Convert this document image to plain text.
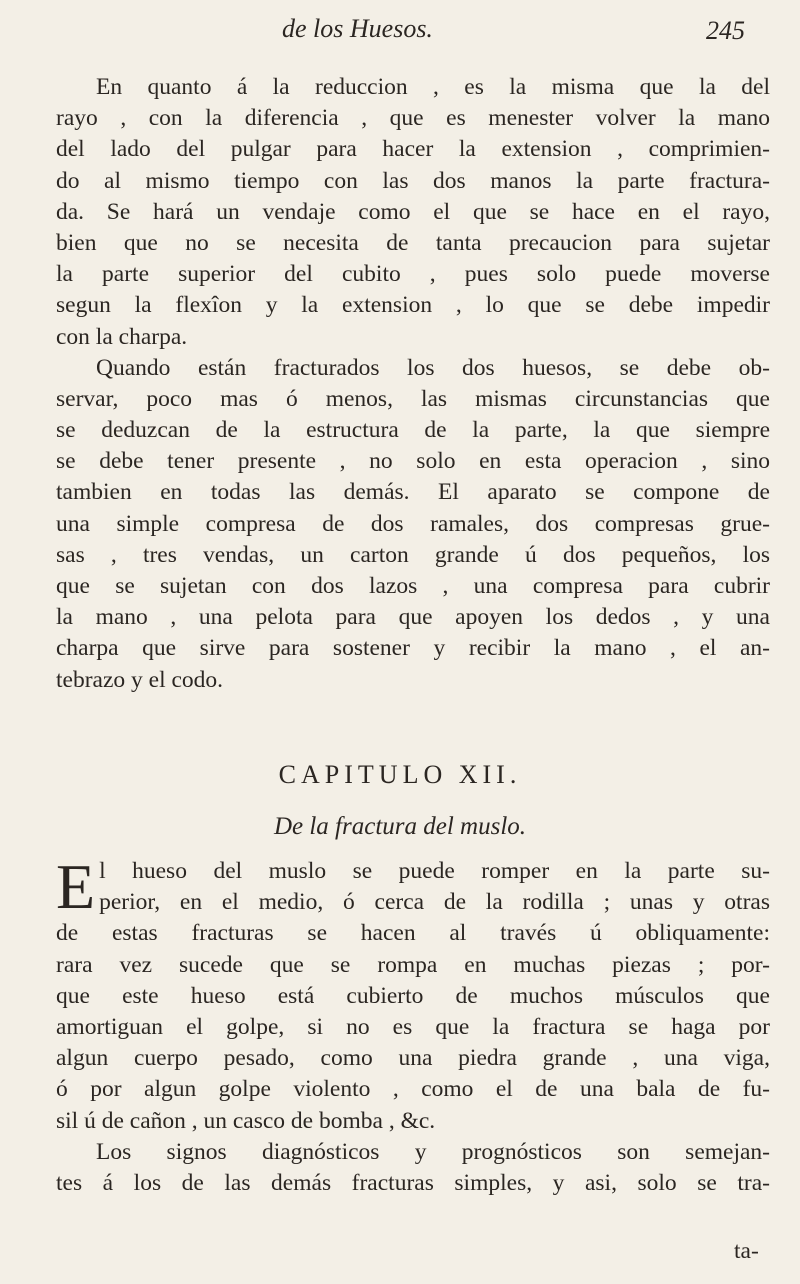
de los Huesos.	245
En quanto á la reduccion , es la misma que la del
rayo , con la diferencia , que es menester volver la mano
del lado del pulgar para hacer la extension , comprimien-
do al mismo tiempo con las dos manos la parte fractura-
da. Se hará un vendaje como el que se hace en el rayo,
bien que no se necesita de tanta precaucion para sujetar
la parte superior del cubito , pues solo puede moverse
segun la flexîon y la extension , lo que se debe impedir
con la charpa.
Quando están fracturados los dos huesos, se debe ob-
servar, poco mas ó menos, las mismas circunstancias que
se deduzcan de la estructura de la parte, la que siempre
se debe tener presente , no solo en esta operacion , sino
tambien en todas las demás. El aparato se compone de
una simple compresa de dos ramales, dos compresas grue-
sas , tres vendas, un carton grande ú dos pequeños, los
que se sujetan con dos lazos , una compresa para cubrir
la mano , una pelota para que apoyen los dedos , y una
charpa que sirve para sostener y recibir la mano , el an-
tebrazo y el codo.
CAPITULO XII.
De la fractura del muslo.
E l hueso del muslo se puede romper en la parte su-
perior, en el medio, ó cerca de la rodilla ; unas y otras
de estas fracturas se hacen al través ú obliquamente:
rara vez sucede que se rompa en muchas piezas ; por-
que este hueso está cubierto de muchos músculos que
amortiguan el golpe, si no es que la fractura se haga por
algun cuerpo pesado, como una piedra grande , una viga,
ó por algun golpe violento , como el de una bala de fu-
sil ú de cañon , un casco de bomba , &c.
Los signos diagnósticos y prognósticos son semejan-
tes á los de las demás fracturas simples, y asi, solo se tra-
ta-
